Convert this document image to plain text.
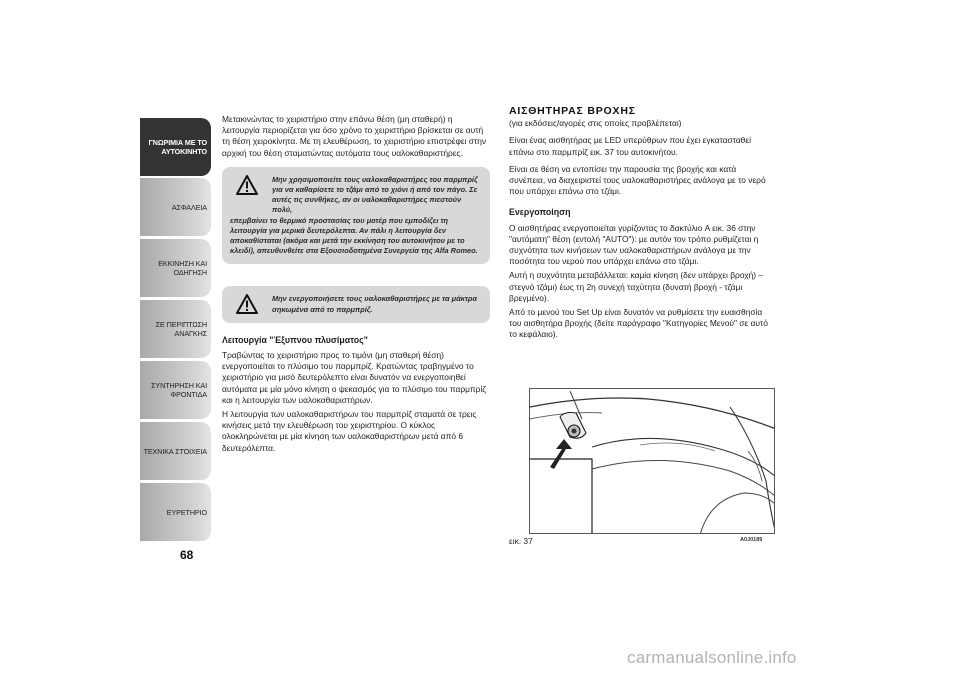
ΓΝΩΡΙΜΙΑ ΜΕ ΤΟ
ΑΥΤΟΚΙΝΗΤΟ
ΑΣΦΑΛΕΙΑ
ΕΚΚΙΝΗΣΗ ΚΑΙ
ΟΔΗΓΗΣΗ
ΣΕ ΠΕΡΙΠΤΩΣΗ
ΑΝΑΓΚΗΣ
ΣΥΝΤΗΡΗΣΗ ΚΑΙ
ΦΡΟΝΤΙΔΑ
ΤΕΧΝΙΚΑ ΣΤΟΙΧΕΙΑ
ΕΥΡΕΤΗΡΙΟ
68

Μετακινώντας το χειριστήριο στην επάνω θέση (μη σταθερή) η λειτουργία περιορίζεται για όσο χρόνο το χειριστήριο βρίσκεται σε αυτή τη θέση χειροκίνητα. Με τη ελευθέρωση, το χειριστήριο επιστρέφει στην αρχική του θέση σταματώντας αυτόματα τους υαλοκαθαριστήρες.

Μην χρησιμοποιείτε τους υαλοκαθαριστήρες του παρμπρίζ για να καθαρίσετε το τζάμι από το χιόνι ή από τον πάγο. Σε αυτές τις συνθήκες, αν οι υαλοκαθαριστήρες πιεστούν πολύ,
επεμβαίνει το θερμικό προστασίας του μοτέρ που εμποδίζει τη λειτουργία για μερικά δευτερόλεπτα. Αν πάλι η λειτουργία δεν αποκαθίσταται (ακόμα και μετά την εκκίνηση του αυτοκινήτου με το κλειδί), απευθυνθείτε στα Εξουσιοδοτημένα Συνεργεία της Alfa Romeo.
Μην ενεργοποιήσετε τους υαλοκαθαριστήρες με τα μάκτρα σηκωμένα από το παρμπρίζ.
Λειτουργία "Έξυπνου πλυσίματος"

Τραβώντας το χειριστήριο προς το τιμόνι (μη σταθερή θέση) ενεργοποιείται το πλύσιμο του παρμπρίζ. Κρατώντας τραβηγμένο το χειριστήριο για μισό δευτερόλεπτο είναι δυνατόν να ενεργοποιηθεί αυτόματα με μία μόνο κίνηση ο ψεκασμός για το πλύσιμο του παρμπρίζ και η λειτουργία των υαλοκαθαριστήρων.

Η λειτουργία των υαλοκαθαριστήρων του παρμπρίζ σταματά σε τρεις κινήσεις μετά την ελευθέρωση του χειριστηρίου. Ο κύκλος ολοκληρώνεται με μία κίνηση των υαλοκαθαριστήρων μετά από 6 δευτερόλεπτα.

ΑΙΣΘΗΤΗΡΑΣ ΒΡΟΧΗΣ

(για εκδόσεις/αγορές στις οποίες προβλέπεται)

Είναι ένας αισθητήρας με LED υπερύθρων που έχει εγκατασταθεί επάνω στο παρμπρίζ εικ. 37 του αυτοκινήτου.

Είναι σε θέση να εντοπίσει την παρουσία της βροχής και κατά συνέπεια, να διαχειριστεί τους υαλοκαθαριστήρες ανάλογα με το νερό που υπάρχει επάνω στο τζάμι.

Ενεργοποίηση

Ο αισθητήρας ενεργοποιείται γυρίζοντας το δακτύλιο A εικ. 36 στην "αυτόματη" θέση (εντολή "AUTO"): με αυτόν τον τρόπο ρυθμίζεται η συχνότητα των κινήσεων των υαλοκαθαριστήρων ανάλογα με την ποσότητα του νερού που υπάρχει επάνω στο τζάμι.

Αυτή η συχνότητα μεταβάλλεται: καμία κίνηση (δεν υπάρχει βροχή) – στεγνό τζάμι) έως τη 2η συνεχή ταχύτητα (δυνατή βροχή - τζάμι βρεγμένο).

Από το μενού του Set Up είναι δυνατόν να ρυθμίσετε την ευαισθησία του αισθητήρα βροχής (δείτε παράγραφο "Κατηγορίες Μενού" σε αυτό το κεφάλαιο).

εικ. 37	A0J0189
carmanualsonline.info
